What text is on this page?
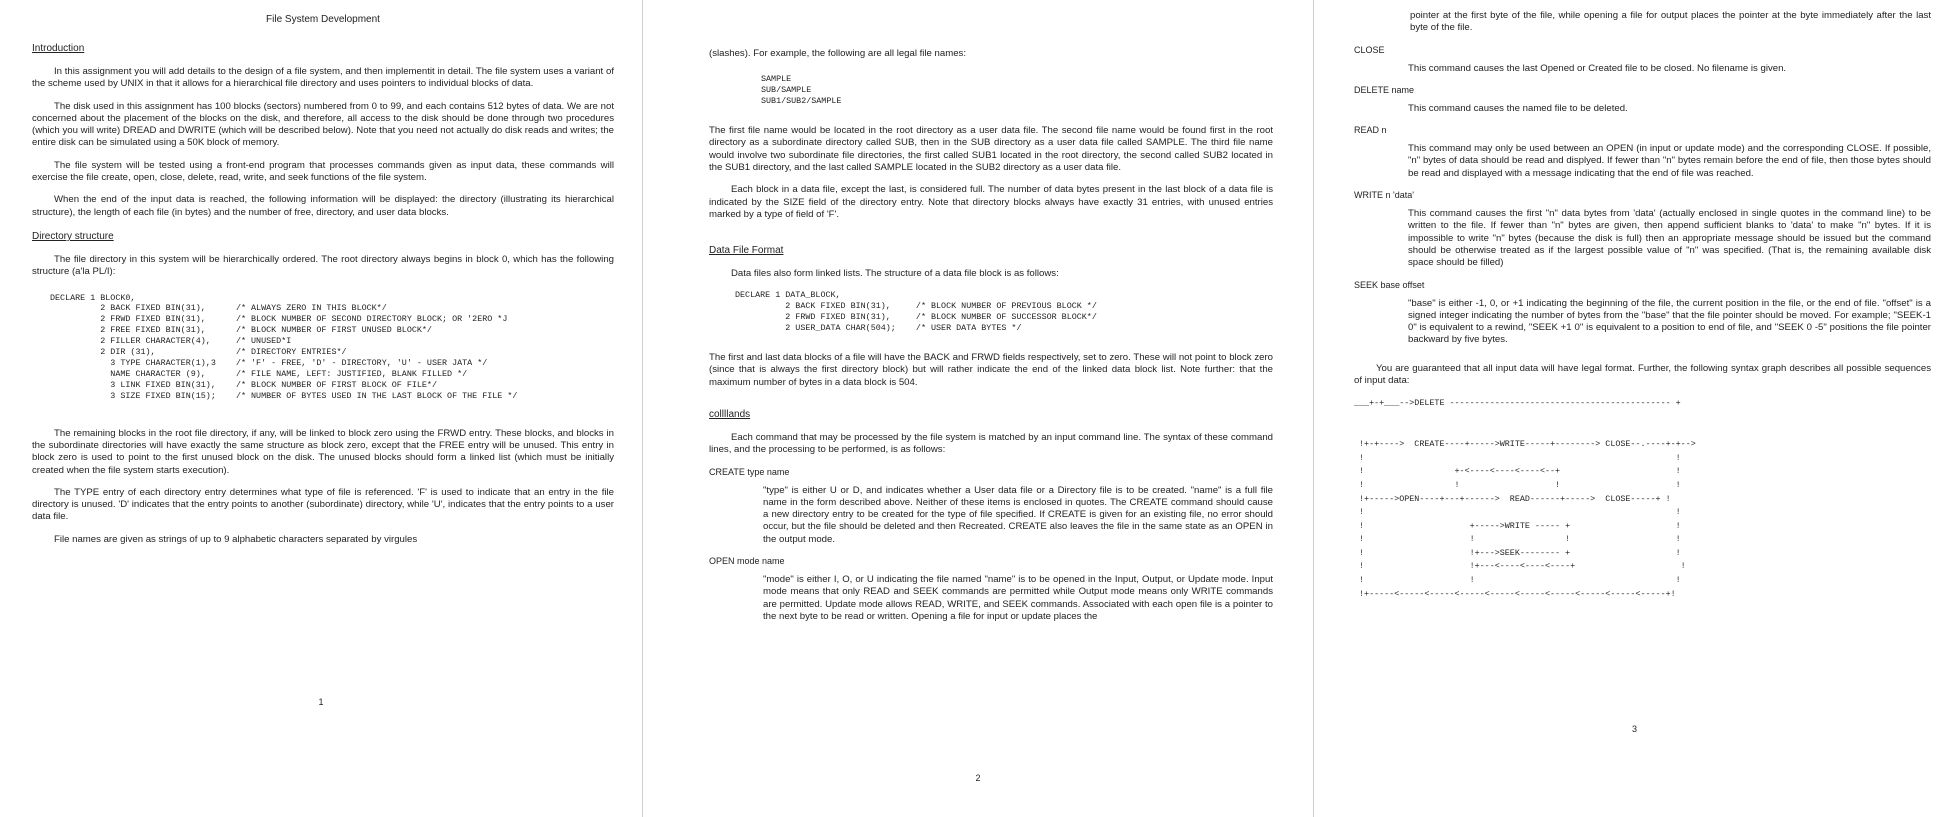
File System Development
Introduction

In this assignment you will add details to the design of a file system, and then implementit in detail. The file system uses a variant of the scheme used by UNIX in that it allows for a hierarchical file directory and uses pointers to individual blocks of data.

The disk used in this assignment has 100 blocks (sectors) numbered from 0 to 99, and each contains 512 bytes of data. We are not concerned about the placement of the blocks on the disk, and therefore, all access to the disk should be done through two procedures (which you will write) DREAD and DWRITE (which will be described below). Note that you need not actually do disk reads and writes; the entire disk can be simulated using a 50K block of memory.

The file system will be tested using a front-end program that processes commands given as input data, these commands will exercise the file create, open, close, delete, read, write, and seek functions of the file system.

When the end of the input data is reached, the following information will be displayed: the directory (illustrating its hierarchical structure), the length of each file (in bytes) and the number of free, directory, and user data blocks.

Directory structure

The file directory in this system will be hierarchically ordered. The root directory always begins in block 0, which has the following structure (a'la PL/I):

DECLARE 1 BLOCK0,
2 BACK FIXED BIN(31),      /* ALWAYS ZERO IN THIS BLOCK*/
2 FRWD FIXED BIN(31),      /* BLOCK NUMBER OF SECOND DIRECTORY BLOCK; OR '2ERO *J
2 FREE FIXED BIN(31),      /* BLOCK NUMBER OF FIRST UNUSED BLOCK*/
2 FILLER CHARACTER(4),     /* UNUSED*I
2 DIR (31),                /* DIRECTORY ENTRIES*/
3 TYPE CHARACTER(1),3    /* 'F' - FREE, 'D' - DIRECTORY, 'U' - USER JATA */
NAME CHARACTER (9),      /* FILE NAME, LEFT: JUSTIFIED, BLANK FILLED */
3 LINK FIXED BIN(31),    /* BLOCK NUMBER OF FIRST BLOCK OF FILE*/
3 SIZE FIXED BIN(15);    /* NUMBER OF BYTES USED IN THE LAST BLOCK OF THE FILE */

The remaining blocks in the root file directory, if any, will be linked to block zero using the FRWD entry. These blocks, and blocks in the subordinate directories will have exactly the same structure as block zero, except that the FREE entry will be unused. This entry in block zero is used to point to the first unused block on the disk. The unused blocks should form a linked list (which must be initially created when the file system starts execution).

The TYPE entry of each directory entry determines what type of file is referenced. 'F' is used to indicate that an entry in the file directory is unused. 'D' indicates that the entry points to another (subordinate) directory, while 'U', indicates that the entry points to a user data file.

File names are given as strings of up to 9 alphabetic characters separated by virgules

1

(slashes). For example, the following are all legal file names:

SAMPLE
SUB/SAMPLE
SUB1/SUB2/SAMPLE

The first file name would be located in the root directory as a user data file. The second file name would be found first in the root directory as a subordinate directory called SUB, then in the SUB directory as a user data file called SAMPLE. The third file name would involve two subordinate file directories, the first called SUB1 located in the root directory, the second called SUB2 located in the SUB1 directory, and the last called SAMPLE located in the SUB2 directory as a user data file.

Each block in a data file, except the last, is considered full. The number of data bytes present in the last block of a data file is indicated by the SIZE field of the directory entry. Note that directory blocks always have exactly 31 entries, with unused entries marked by a type of field of 'F'.

Data File Format

Data files also form linked lists. The structure of a data file block is as follows:

DECLARE 1 DATA_BLOCK,
2 BACK FIXED BIN(31),     /* BLOCK NUMBER OF PREVIOUS BLOCK */
2 FRWD FIXED BIN(31),     /* BLOCK NUMBER OF SUCCESSOR BLOCK*/
2 USER_DATA CHAR(504);    /* USER DATA BYTES */

The first and last data blocks of a file will have the BACK and FRWD fields respectively, set to zero. These will not point to block zero (since that is always the first directory block) but will rather indicate the end of the linked data block list. Note further: that the maximum number of bytes in a data block is 504.

collllands

Each command that may be processed by the file system is matched by an input command line. The syntax of these command lines, and the processing to be performed, is as follows:

CREATE type name

"type" is either U or D, and indicates whether a User data file or a Directory file is to be created. "name" is a full file name in the form described above. Neither of these items is enclosed in quotes. The CREATE command should cause a new directory entry to be created for the type of file specified. If CREATE is given for an existing file, no error should occur, but the file should be deleted and then Recreated. CREATE also leaves the file in the same state as an OPEN in the output mode.

OPEN mode name

"mode" is either I, O, or U indicating the file named "name" is to be opened in the Input, Output, or Update mode. Input mode means that only READ and SEEK commands are permitted while Output mode means only WRITE commands are permitted. Update mode allows READ, WRITE, and SEEK commands. Associated with each open file is a pointer to the next byte to be read or written. Opening a file for input or update places the

2

pointer at the first byte of the file, while opening a file for output places the pointer at the byte immediately after the last byte of the file.

CLOSE

This command causes the last Opened or Created file to be closed. No filename is given.

DELETE name

This command causes the named file to be deleted.

READ n

This command may only be used between an OPEN (in input or update mode) and the corresponding CLOSE. If possible, "n" bytes of data should be read and displyed. If fewer than "n" bytes remain before the end of file, then those bytes should be read and displayed with a message indicating that the end of file was reached.

WRITE n 'data'

This command causes the first "n" data bytes from 'data' (actually enclosed in single quotes in the command line) to be written to the file. If fewer than "n" bytes are given, then append sufficient blanks to 'data' to make "n" bytes. If it is impossible to write "n" bytes (because the disk is full) then an appropriate message should be issued but the command should be otherwise treated as if the largest possible value of "n" was specified. (That is, the remaining available disk space should be filled)

SEEK base offset

"base" is either -1, 0, or +1 indicating the beginning of the file, the current position in the file, or the end of file. "offset" is a signed integer indicating the number of bytes from the "base" that the file pointer should be moved. For example; "SEEK-1 0" is equivalent to a rewind, "SEEK +1 0" is equivalent to a position to end of file, and "SEEK 0 -5" positions the file pointer backward by five bytes.

You are guaranteed that all input data will have legal format. Further, the following syntax graph describes all possible sequences of input data:

___+-+___-->DELETE -------------------------------------------- +

!+-+---->  CREATE----+----->WRITE-----+--------> CLOSE--.----+-+-->
!                                                              !
!                  +-<----<----<----<--+                       !
!                  !                   !                       !
!+----->OPEN----+---+------>  READ------+----->  CLOSE-----+ !
!                                                              !
!                     +----->WRITE ----- +                     !
!                     !                  !                     !
!                     !+--->SEEK-------- +                     !
!                     !+---<----<----<----+                     !
!                     !                                        !
!+-----<-----<-----<-----<-----<-----<-----<-----<-----<-----+!
3
